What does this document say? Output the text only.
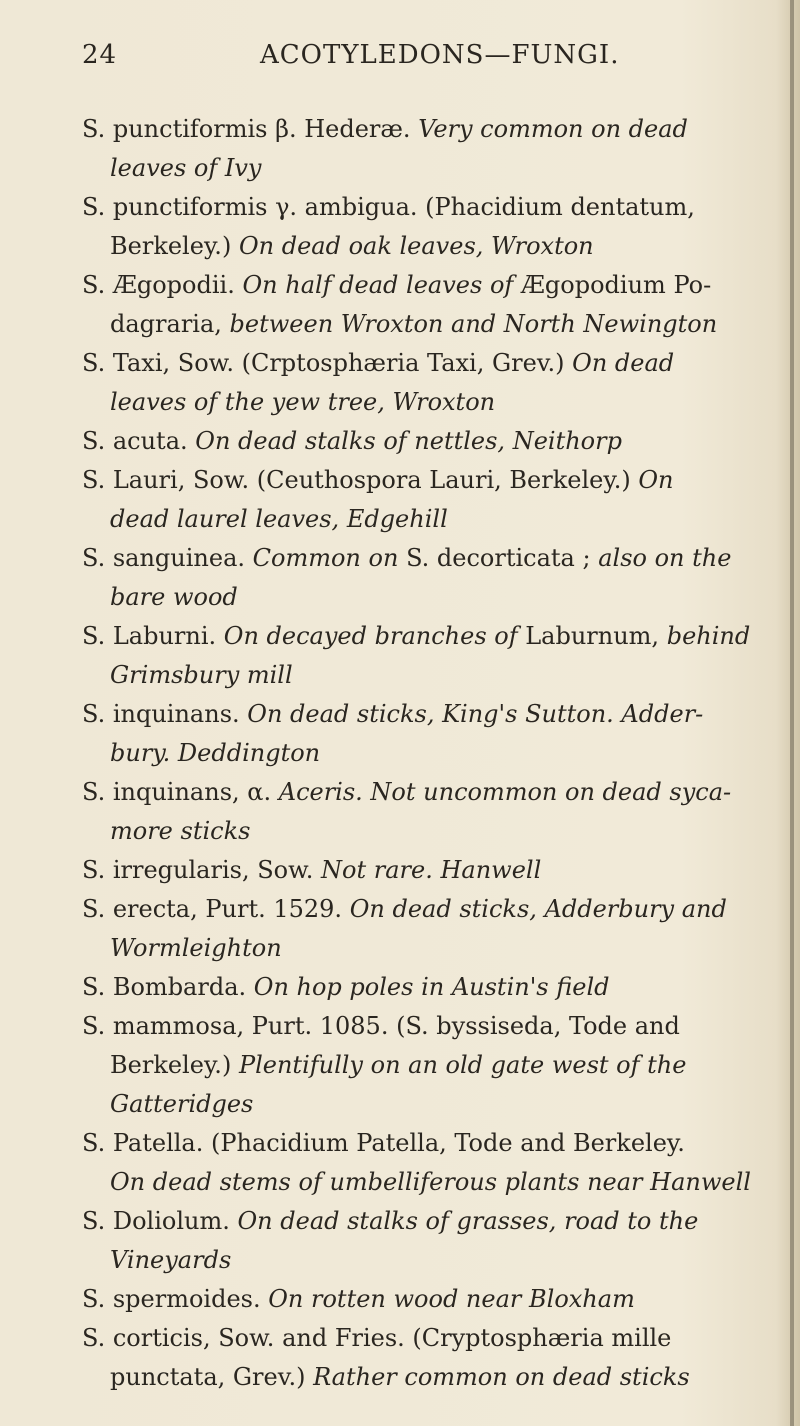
24	ACOTYLEDONS—FUNGI.
S. punctiformis β. Hederæ. Very common on dead
leaves of Ivy
S. punctiformis γ. ambigua. (Phacidium dentatum,
Berkeley.) On dead oak leaves, Wroxton
S. Ægopodii. On half dead leaves of Ægopodium Po-
dagraria, between Wroxton and North Newington
S. Taxi, Sow. (Crptosphæria Taxi, Grev.) On dead
leaves of the yew tree, Wroxton
S. acuta. On dead stalks of nettles, Neithorp
S. Lauri, Sow. (Ceuthospora Lauri, Berkeley.) On
dead laurel leaves, Edgehill
S. sanguinea. Common on S. decorticata ; also on the
bare wood
S. Laburni. On decayed branches of Laburnum, behind
Grimsbury mill
S. inquinans. On dead sticks, King's Sutton. Adder-
bury. Deddington
S. inquinans, α. Aceris. Not uncommon on dead syca-
more sticks
S. irregularis, Sow. Not rare. Hanwell
S. erecta, Purt. 1529. On dead sticks, Adderbury and
Wormleighton
S. Bombarda. On hop poles in Austin's field
S. mammosa, Purt. 1085. (S. byssiseda, Tode and
Berkeley.) Plentifully on an old gate west of the
Gatteridges
S. Patella. (Phacidium Patella, Tode and Berkeley.
On dead stems of umbelliferous plants near Hanwell
S. Doliolum. On dead stalks of grasses, road to the
Vineyards
S. spermoides. On rotten wood near Bloxham
S. corticis, Sow. and Fries. (Cryptosphæria mille
punctata, Grev.) Rather common on dead sticks
